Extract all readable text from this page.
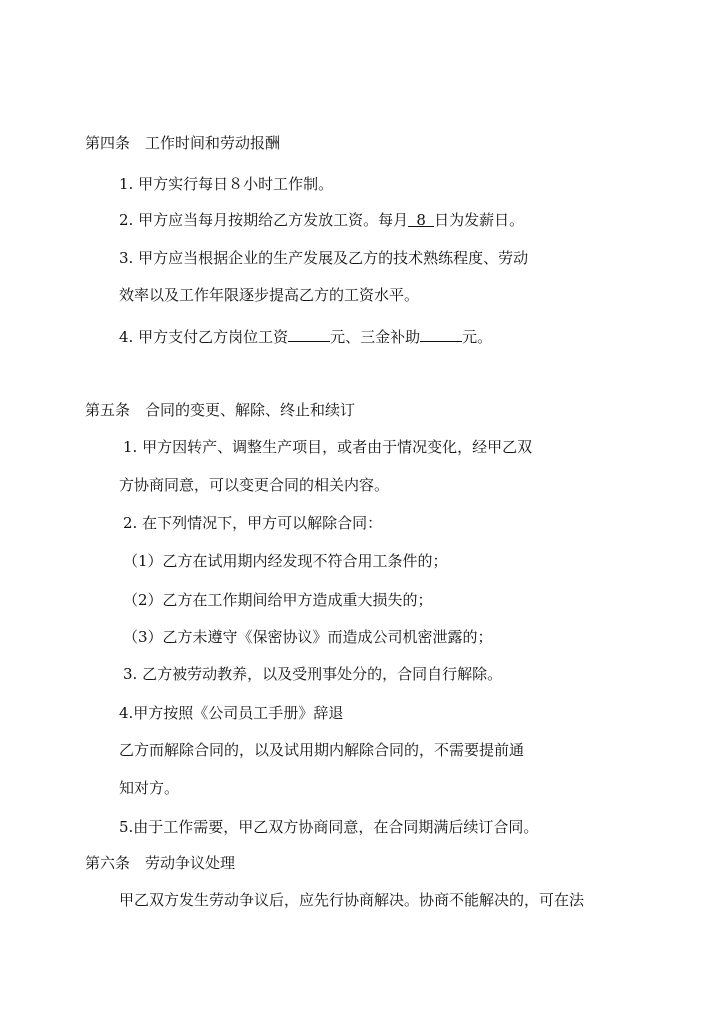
第四条　工作时间和劳动报酬
1. 甲方实行每日８小时工作制。
2. 甲方应当每月按期给乙方发放工资。每月 8 日为发薪日。
3. 甲方应当根据企业的生产发展及乙方的技术熟练程度、劳动
效率以及工作年限逐步提高乙方的工资水平。
4. 甲方支付乙方岗位工资	元、三金补助	元。
第五条　合同的变更、解除、终止和续订
1. 甲方因转产、调整生产项目，或者由于情况变化，经甲乙双
方协商同意，可以变更合同的相关内容。
2. 在下列情况下，甲方可以解除合同：
（1）乙方在试用期内经发现不符合用工条件的；
（2）乙方在工作期间给甲方造成重大损失的；
（3）乙方未遵守《保密协议》而造成公司机密泄露的；
3. 乙方被劳动教养，以及受刑事处分的，合同自行解除。
4.甲方按照《公司员工手册》辞退
乙方而解除合同的，以及试用期内解除合同的，不需要提前通
知对方。
5.由于工作需要，甲乙双方协商同意，在合同期满后续订合同。
第六条　劳动争议处理
甲乙双方发生劳动争议后，应先行协商解决。协商不能解决的，可在法
